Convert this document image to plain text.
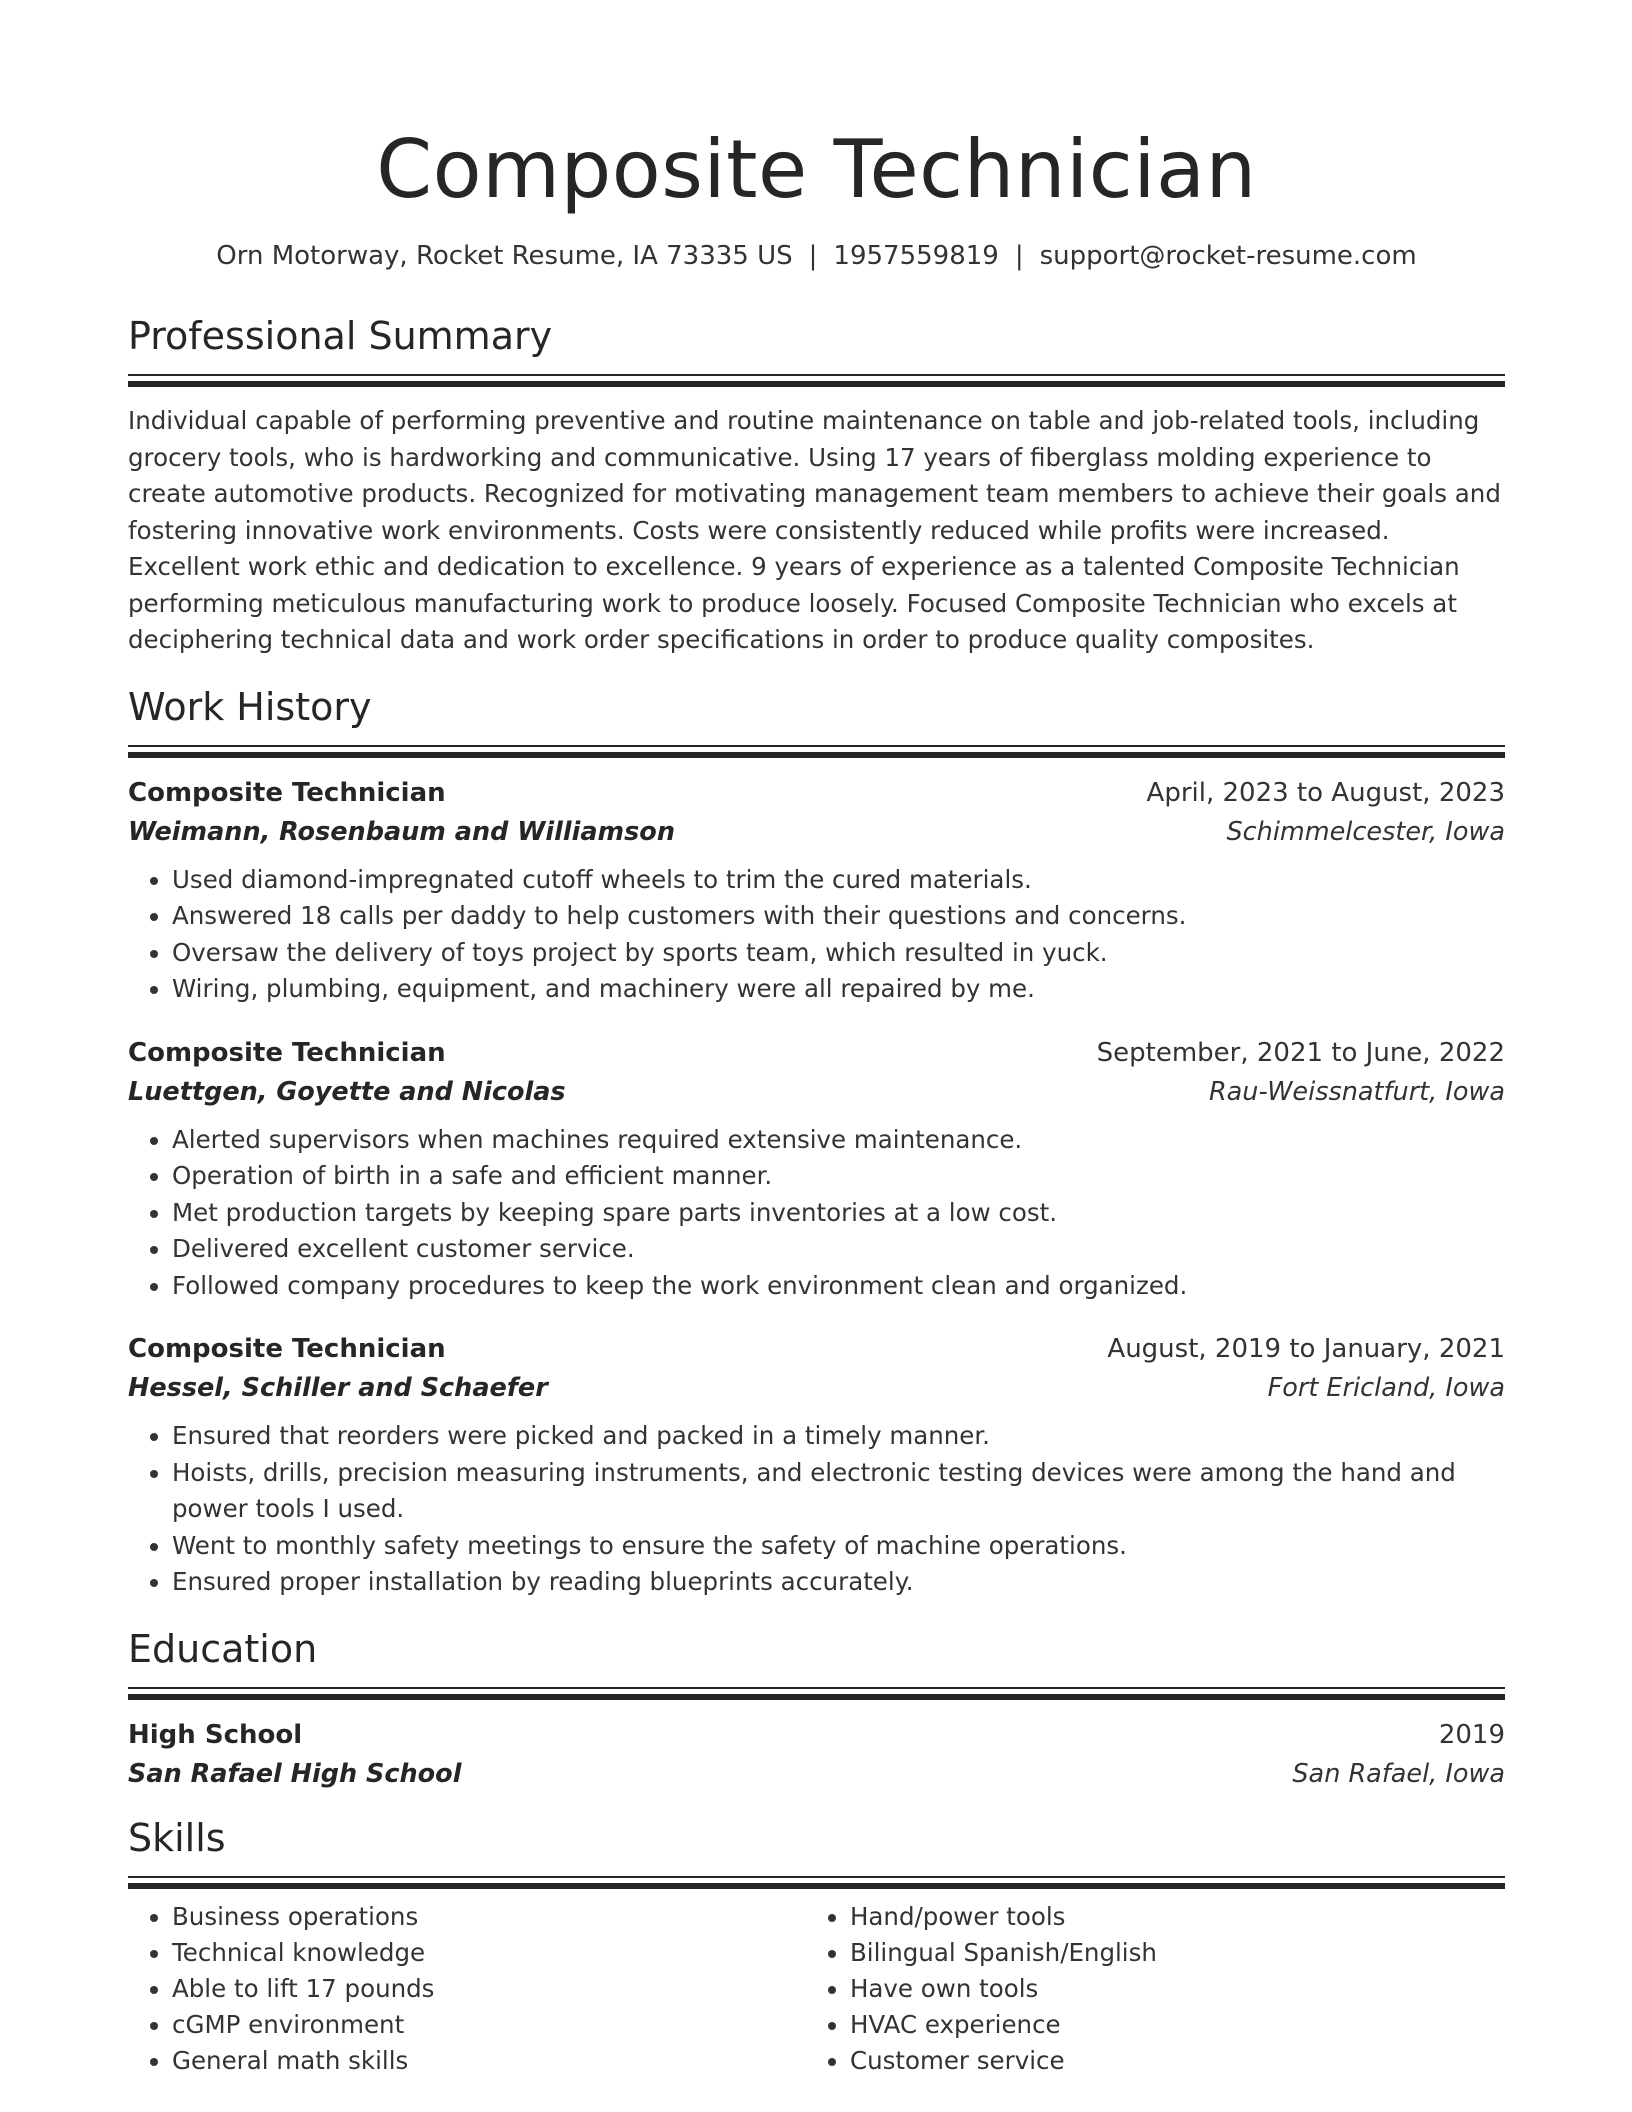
Composite Technician
Orn Motorway, Rocket Resume, IA 73335 US | 1957559819 | support@rocket-resume.com
Professional Summary

Individual capable of performing preventive and routine maintenance on table and job-related tools, including grocery tools, who is hardworking and communicative. Using 17 years of fiberglass molding experience to create automotive products. Recognized for motivating management team members to achieve their goals and fostering innovative work environments. Costs were consistently reduced while profits were increased. Excellent work ethic and dedication to excellence. 9 years of experience as a talented Composite Technician performing meticulous manufacturing work to produce loosely. Focused Composite Technician who excels at deciphering technical data and work order specifications in order to produce quality composites.

Work History
Composite Technician	April, 2023 to August, 2023
Weimann, Rosenbaum and Williamson	Schimmelcester, Iowa
• Used diamond-impregnated cutoff wheels to trim the cured materials.
• Answered 18 calls per daddy to help customers with their questions and concerns.
• Oversaw the delivery of toys project by sports team, which resulted in yuck.
• Wiring, plumbing, equipment, and machinery were all repaired by me.
Composite Technician	September, 2021 to June, 2022
Luettgen, Goyette and Nicolas	Rau-Weissnatfurt, Iowa
• Alerted supervisors when machines required extensive maintenance.
• Operation of birth in a safe and efficient manner.
• Met production targets by keeping spare parts inventories at a low cost.
• Delivered excellent customer service.
• Followed company procedures to keep the work environment clean and organized.
Composite Technician	August, 2019 to January, 2021
Hessel, Schiller and Schaefer	Fort Ericland, Iowa
• Ensured that reorders were picked and packed in a timely manner.
• Hoists, drills, precision measuring instruments, and electronic testing devices were among the hand and power tools I used.
• Went to monthly safety meetings to ensure the safety of machine operations.
• Ensured proper installation by reading blueprints accurately.
Education
High School	2019
San Rafael High School	San Rafael, Iowa
Skills
• Business operations
• Technical knowledge
• Able to lift 17 pounds
• cGMP environment
• General math skills
• Hand/power tools
• Bilingual Spanish/English
• Have own tools
• HVAC experience
• Customer service
